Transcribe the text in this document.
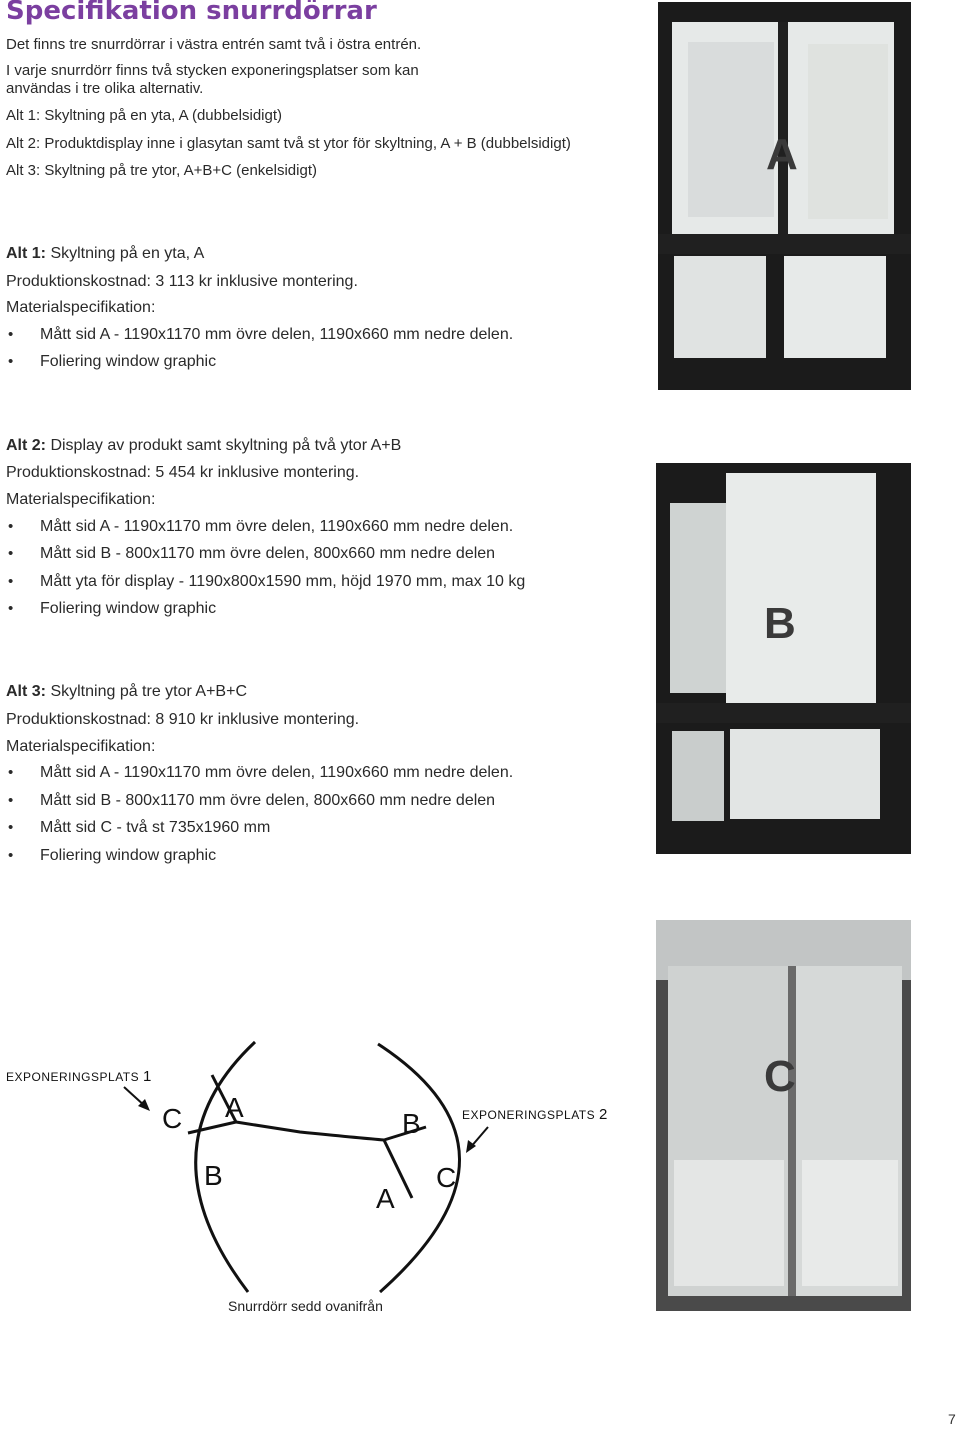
Specifikation snurrdörrar
Det finns tre snurrdörrar i västra entrén samt två i östra entrén.
I varje snurrdörr finns två stycken exponeringsplatser som kan
användas i tre olika alternativ.
Alt 1: Skyltning på en yta, A (dubbelsidigt)
Alt 2: Produktdisplay inne i glasytan samt två st ytor för skyltning, A + B (dubbelsidigt)
Alt 3: Skyltning på tre ytor, A+B+C (enkelsidigt)
Alt 1: Skyltning på en yta, A
Produktionskostnad: 3 113 kr inklusive montering.
Materialspecifikation:
• Mått sid A - 1190x1170 mm övre delen, 1190x660 mm nedre delen.
• Foliering window graphic
Alt 2: Display av produkt samt skyltning på två ytor A+B
Produktionskostnad: 5 454 kr inklusive montering.
Materialspecifikation:
• Mått sid A - 1190x1170 mm övre delen, 1190x660 mm nedre delen.
• Mått sid B - 800x1170 mm övre delen, 800x660 mm nedre delen
• Mått yta för display - 1190x800x1590 mm, höjd 1970 mm, max 10 kg
• Foliering window graphic
Alt 3: Skyltning på tre ytor A+B+C
Produktionskostnad: 8 910 kr inklusive montering.
Materialspecifikation:
• Mått sid A - 1190x1170 mm övre delen, 1190x660 mm nedre delen.
• Mått sid B - 800x1170 mm övre delen, 800x660 mm nedre delen
• Mått sid C - två st 735x1960 mm
• Foliering window graphic
A
B
C
C A
B
B
A
C
EXPONERINGSPLATS 1
EXPONERINGSPLATS 2
Snurrdörr sedd ovanifrån
7
